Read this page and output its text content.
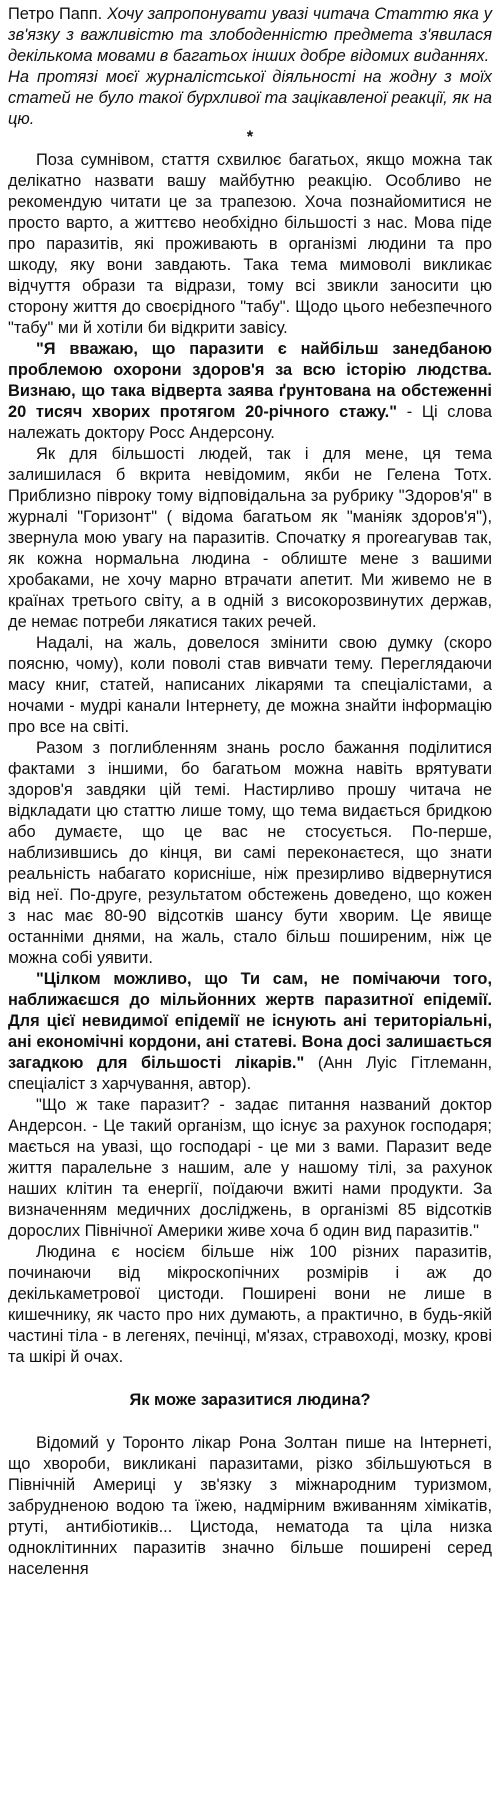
Петро Папп. Хочу запропонувати увазі читача Статтю яка у зв'язку з важливістю та злободенністю предмета з'явилася декількома мовами в багатьох інших добре відомих виданнях.

На протязі моєї журналістської діяльності на жодну з моїх статей не було такої бурхливої та зацікавленої реакції, як на цю.

*

Поза сумнівом, стаття схвилює багатьох, якщо можна так делікатно назвати вашу майбутню реакцію. Особливо не рекомендую читати це за трапезою. Хоча познайомитися не просто варто, а життєво необхідно більшості з нас. Мова піде про паразитів, які проживають в організмі людини та про шкоду, яку вони завдають. Така тема мимоволі викликає відчуття образи та відрази, тому всі звикли заносити цю сторону життя до своєрідного "табу". Щодо цього небезпечного "табу" ми й хотіли би відкрити завісу.

"Я вважаю, що паразити є найбільш занедбаною проблемою охорони здоров'я за всю історію людства. Визнаю, що така відверта заява ґрунтована на обстеженні 20 тисяч хворих протягом 20-річного стажу." - Ці слова належать доктору Росс Андерсону.

Як для більшості людей, так і для мене, ця тема залишилася б вкрита невідомим, якби не Гелена Тотх. Приблизно півроку тому відповідальна за рубрику "Здоров'я" в журналі "Горизонт" ( відома багатьом як "маніяк здоров'я"), звернула мою увагу на паразитів. Спочатку я проreагував так, як кожна нормальна людина - облиште мене з вашими хробаками, не хочу марно втрачати апетит. Ми живемо не в країнах третього світу, а в одній з високорозвинутих держав, де немає потреби лякатися таких речей.

Надалі, на жаль, довелося змінити свою думку (скоро поясню, чому), коли поволі став вивчати тему. Переглядаючи масу книг, статей, написаних лікарями та спеціалістами, а ночами - мудрі канали Інтернету, де можна знайти інформацію про все на світі.

Разом з поглибленням знань росло бажання поділитися фактами з іншими, бо багатьом можна навіть врятувати здоров'я завдяки цій темі. Настирливо прошу читача не відкладати цю статтю лише тому, що тема видається бридкою або думаєте, що це вас не стосується. По-перше, наблизившись до кінця, ви самі переконаєтеся, що знати реальність набагато корисніше, ніж презирливо відвернутися від неї. По-друге, результатом обстежень доведено, що кожен з нас має 80-90 відсотків шансу бути хворим. Це явище останніми днями, на жаль, стало більш поширеним, ніж це можна собі уявити.

"Цілком можливо, що Ти сам, не помічаючи того, наближаєшся до мільйонних жертв паразитної епідемії. Для цієї невидимої епідемії не існують ані територіальні, ані економічні кордони, ані статеві. Вона досі залишається загадкою для більшості лікарів." (Анн Луіс Гітлеманн, спеціаліст з харчування, автор).

"Що ж таке паразит? - задає питання названий доктор Андерсон. - Це такий організм, що існує за рахунок господаря; мається на увазі, що господарі - це ми з вами. Паразит веде життя паралельне з нашим, але у нашому тілі, за рахунок наших клітин та енергії, поїдаючи вжиті нами продукти. За визначенням медичних досліджень, в організмі 85 відсотків дорослих Північної Америки живе хоча б один вид паразитів."

Людина є носієм більше ніж 100 різних паразитів, починаючи від мікроскопічних розмірів і аж до декількаметрової цистоди. Поширені вони не лише в кишечнику, як часто про них думають, а практично, в будь-якій частині тіла - в легенях, печінці, м'язах, стравоході, мозку, крові та шкірі й очах.

Як може заразитися людина?

Відомий у Торонто лікар Рона Золтан пише на Інтернеті, що хвороби, викликані паразитами, різко збільшуються в Північній Америці у зв'язку з міжнародним туризмом, забрудненою водою та їжею, надмірним вживанням хімікатів, ртуті, антибіотиків... Цистода, нематода та ціла низка одноклітинних паразитів значно більше поширені серед населення
